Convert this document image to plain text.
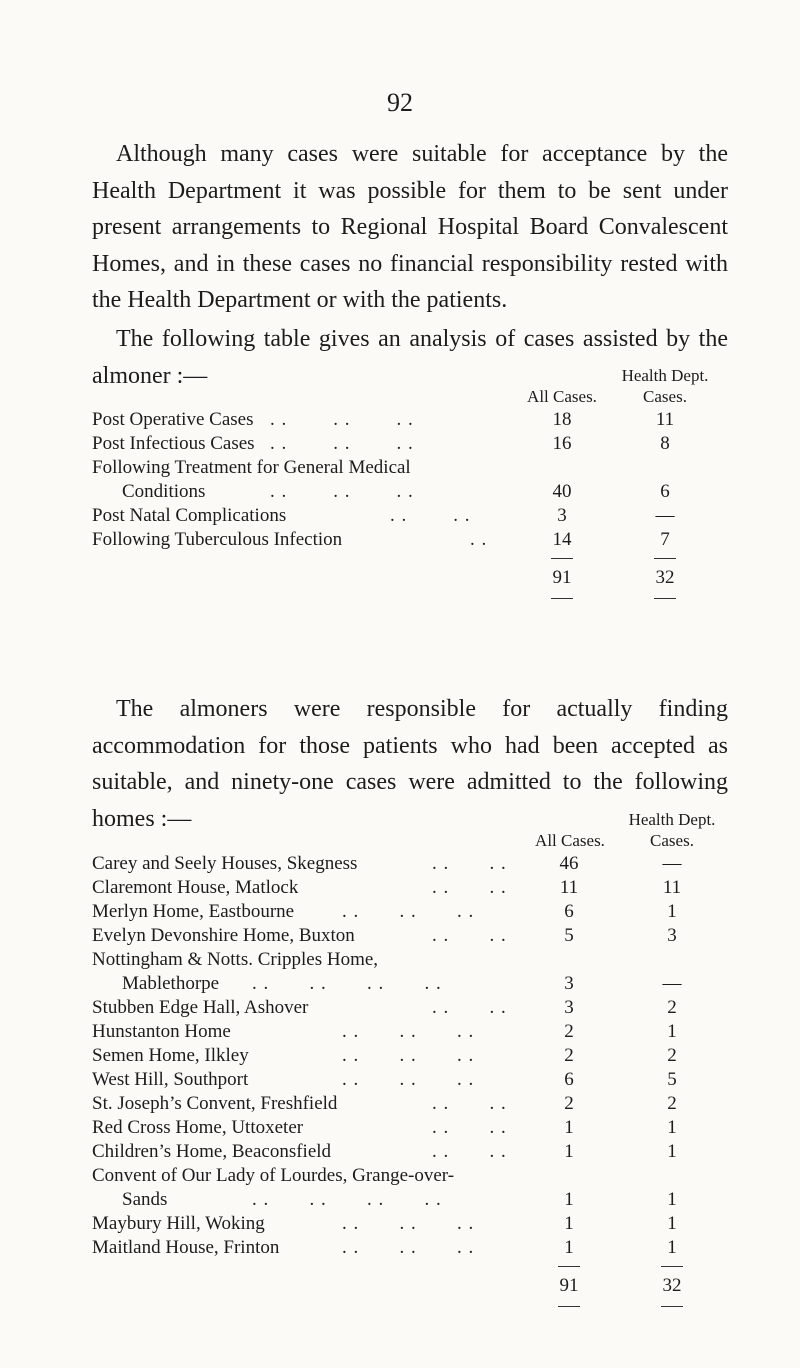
92

Although many cases were suitable for acceptance by the Health Department it was possible for them to be sent under present arrangements to Regional Hospital Board Convalescent Homes, and in these cases no financial responsibility rested with the Health Department or with the patients.

The following table gives an analysis of cases assisted by the almoner :—	Health Dept.
All Cases.	Cases.
Post Operative Cases . .        . .        . .	18	11
Post Infectious Cases . .        . .        . .	16	8
Following Treatment for General Medical
Conditions	. .        . .        . .	40	6
Post Natal Complications	. .        . .	3	—
Following Tuberculous Infection	. .	14	7
91	32

The almoners were responsible for actually finding accommodation for those patients who had been accepted as suitable, and ninety-one cases were admitted to the following homes :—	Health Dept.
All Cases.	Cases.
Carey and Seely Houses, Skegness	. .       . .	46	—
Claremont House, Matlock	. .       . .	11	11
Merlyn Home, Eastbourne	. .       . .       . .	6	1
Evelyn Devonshire Home, Buxton	. .       . .	5	3
Nottingham & Notts. Cripples Home,
Mablethorpe . .       . .       . .       . .	3	—
Stubben Edge Hall, Ashover	. .       . .	3	2
Hunstanton Home	. .       . .       . .	2	1
Semen Home, Ilkley	. .       . .       . .	2	2
West Hill, Southport	. .       . .       . .	6	5
St. Joseph’s Convent, Freshfield	. .       . .	2	2
Red Cross Home, Uttoxeter	. .       . .	1	1
Children’s Home, Beaconsfield	. .       . .	1	1
Convent of Our Lady of Lourdes, Grange-over-
Sands	. .       . .       . .       . .	1	1
Maybury Hill, Woking	. .       . .       . .	1	1
Maitland House, Frinton	. .       . .       . .	1	1
91	32
